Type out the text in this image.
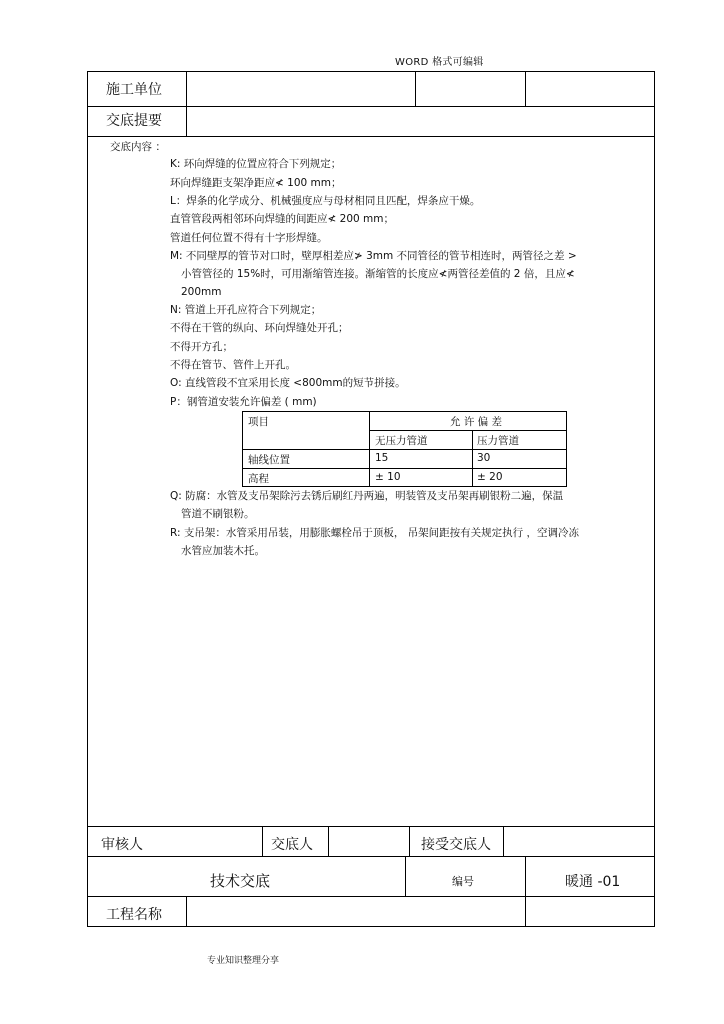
WORD 格式可编辑
施工单位
交底提要
交底内容 ：
K: 环向焊缝的位置应符合下列规定；
环向焊缝距支架净距应≮ 100 mm；
L：焊条的化学成分、机械强度应与母材相同且匹配，焊条应干燥。
直管管段两相邻环向焊缝的间距应≮ 200 mm；
管道任何位置不得有十字形焊缝。
M: 不同壁厚的管节对口时，壁厚相差应≯ 3mm 不同管径的管节相连时，两管径之差 >
小管管径的 15%时，可用渐缩管连接。渐缩管的长度应≮两管径差值的 2 倍，且应≮
200mm
N: 管道上开孔应符合下列规定；
不得在干管的纵向、环向焊缝处开孔；
不得开方孔；
不得在管节、管件上开孔。
O: 直线管段不宜采用长度 <800mm的短节拼接。
P：钢管道安装允许偏差 ( mm)
项目	允 许 偏 差
无压力管道	压力管道
轴线位置	15	30
高程	± 10	± 20
Q: 防腐：水管及支吊架除污去锈后刷红丹两遍，明装管及支吊架再刷银粉二遍，保温
管道不刷银粉。
R: 支吊架：水管采用吊装，用膨胀螺栓吊于顶板， 吊架间距按有关规定执行 ，空调冷冻
水管应加装木托。
审核人	交底人	接受交底人
技术交底	编号	暖通 -01
工程名称
专业知识整理分享
